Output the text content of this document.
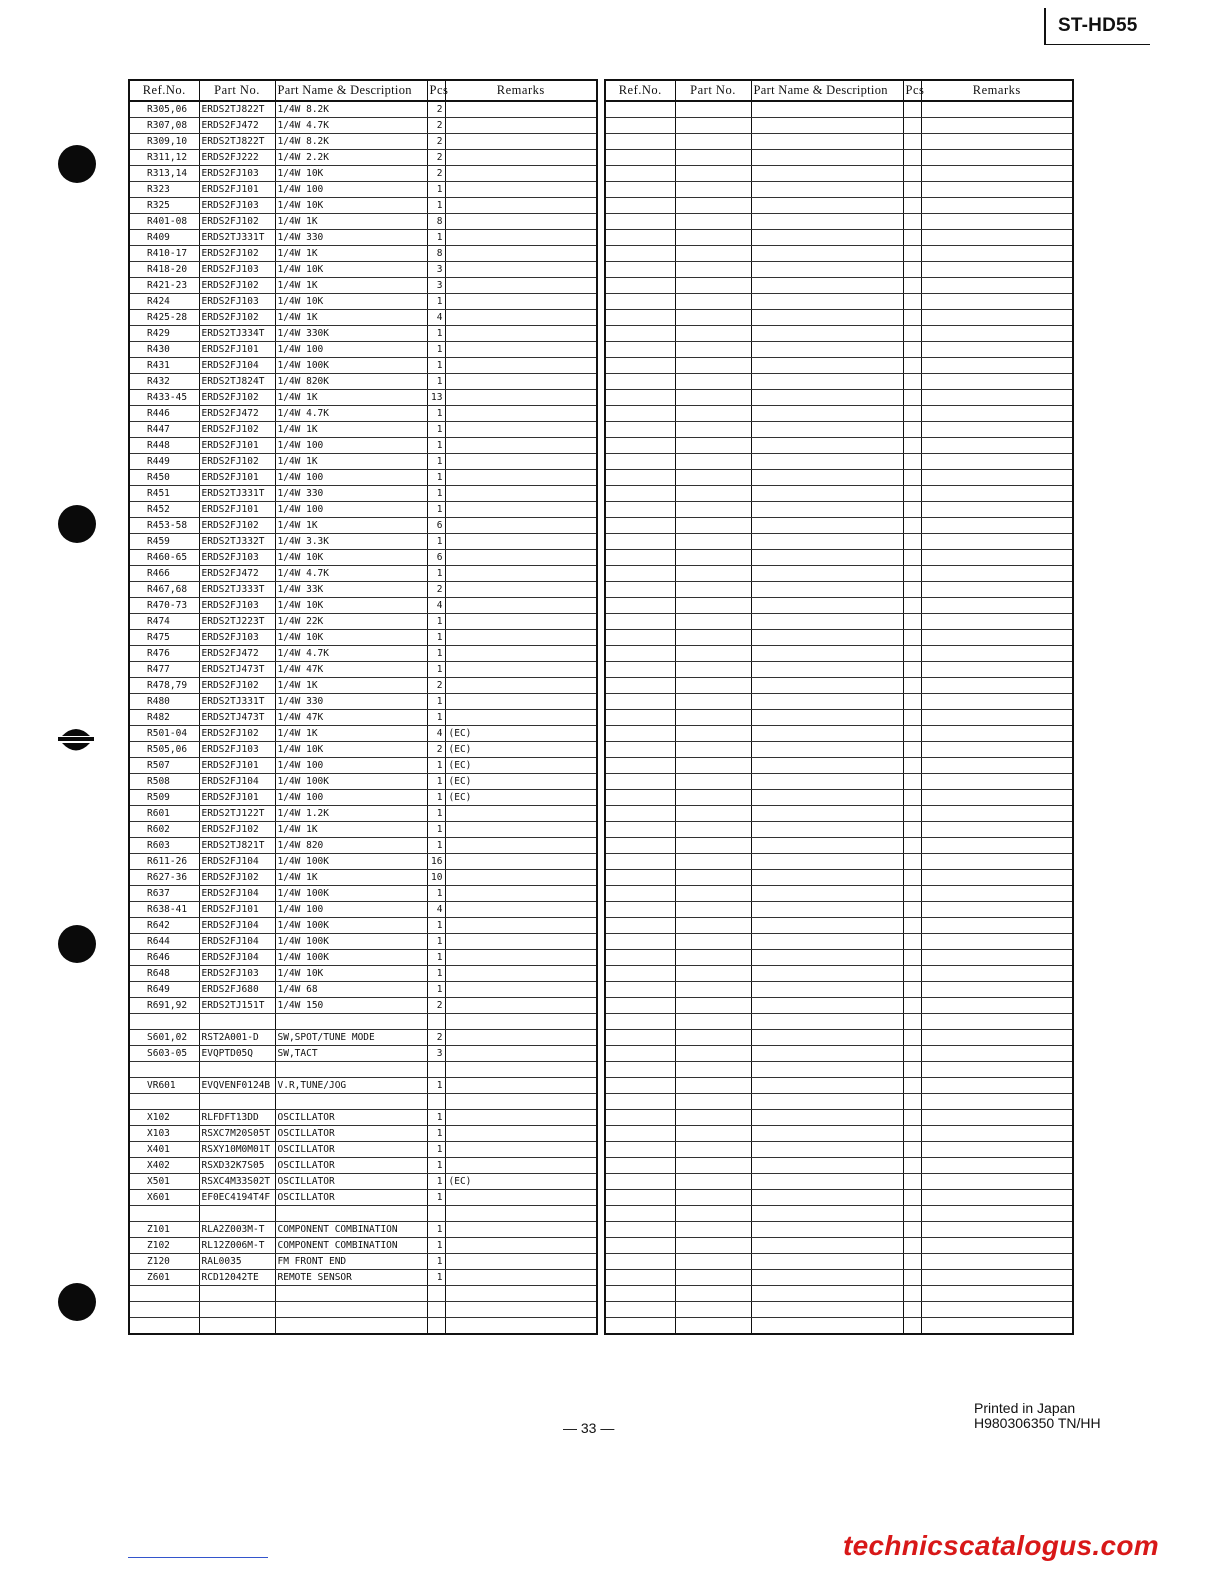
ST-HD55
Ref.No.	Part No.	Part Name & Description	Pcs	Remarks
R305,06	ERDS2TJ822T	1/4W 8.2K	2	
R307,08	ERDS2FJ472	1/4W 4.7K	2	
R309,10	ERDS2TJ822T	1/4W 8.2K	2	
R311,12	ERDS2FJ222	1/4W 2.2K	2	
R313,14	ERDS2FJ103	1/4W 10K	2	
R323	ERDS2FJ101	1/4W 100	1	
R325	ERDS2FJ103	1/4W 10K	1	
R401-08	ERDS2FJ102	1/4W 1K	8	
R409	ERDS2TJ331T	1/4W 330	1	
R410-17	ERDS2FJ102	1/4W 1K	8	
R418-20	ERDS2FJ103	1/4W 10K	3	
R421-23	ERDS2FJ102	1/4W 1K	3	
R424	ERDS2FJ103	1/4W 10K	1	
R425-28	ERDS2FJ102	1/4W 1K	4	
R429	ERDS2TJ334T	1/4W 330K	1	
R430	ERDS2FJ101	1/4W 100	1	
R431	ERDS2FJ104	1/4W 100K	1	
R432	ERDS2TJ824T	1/4W 820K	1	
R433-45	ERDS2FJ102	1/4W 1K	13	
R446	ERDS2FJ472	1/4W 4.7K	1	
R447	ERDS2FJ102	1/4W 1K	1	
R448	ERDS2FJ101	1/4W 100	1	
R449	ERDS2FJ102	1/4W 1K	1	
R450	ERDS2FJ101	1/4W 100	1	
R451	ERDS2TJ331T	1/4W 330	1	
R452	ERDS2FJ101	1/4W 100	1	
R453-58	ERDS2FJ102	1/4W 1K	6	
R459	ERDS2TJ332T	1/4W 3.3K	1	
R460-65	ERDS2FJ103	1/4W 10K	6	
R466	ERDS2FJ472	1/4W 4.7K	1	
R467,68	ERDS2TJ333T	1/4W 33K	2	
R470-73	ERDS2FJ103	1/4W 10K	4	
R474	ERDS2TJ223T	1/4W 22K	1	
R475	ERDS2FJ103	1/4W 10K	1	
R476	ERDS2FJ472	1/4W 4.7K	1	
R477	ERDS2TJ473T	1/4W 47K	1	
R478,79	ERDS2FJ102	1/4W 1K	2	
R480	ERDS2TJ331T	1/4W 330	1	
R482	ERDS2TJ473T	1/4W 47K	1	
R501-04	ERDS2FJ102	1/4W 1K	4	(EC)
R505,06	ERDS2FJ103	1/4W 10K	2	(EC)
R507	ERDS2FJ101	1/4W 100	1	(EC)
R508	ERDS2FJ104	1/4W 100K	1	(EC)
R509	ERDS2FJ101	1/4W 100	1	(EC)
R601	ERDS2TJ122T	1/4W 1.2K	1	
R602	ERDS2FJ102	1/4W 1K	1	
R603	ERDS2TJ821T	1/4W 820	1	
R611-26	ERDS2FJ104	1/4W 100K	16	
R627-36	ERDS2FJ102	1/4W 1K	10	
R637	ERDS2FJ104	1/4W 100K	1	
R638-41	ERDS2FJ101	1/4W 100	4	
R642	ERDS2FJ104	1/4W 100K	1	
R644	ERDS2FJ104	1/4W 100K	1	
R646	ERDS2FJ104	1/4W 100K	1	
R648	ERDS2FJ103	1/4W 10K	1	
R649	ERDS2FJ680	1/4W 68	1	
R691,92	ERDS2TJ151T	1/4W 150	2	

S601,02	RST2A001-D	SW,SPOT/TUNE MODE	2	
S603-05	EVQPTD05Q	SW,TACT	3	

VR601	EVQVENF0124B	V.R,TUNE/JOG	1	

X102	RLFDFT13DD	OSCILLATOR	1	
X103	RSXC7M20S05T	OSCILLATOR	1	
X401	RSXY10M0M01T	OSCILLATOR	1	
X402	RSXD32K7S05	OSCILLATOR	1	
X501	RSXC4M33S02T	OSCILLATOR	1	(EC)
X601	EF0EC4194T4F	OSCILLATOR	1	

Z101	RLA2Z003M-T	COMPONENT COMBINATION	1	
Z102	RL12Z006M-T	COMPONENT COMBINATION	1	
Z120	RAL0035	FM FRONT END	1	
Z601	RCD12042TE	REMOTE SENSOR	1	

Ref.No.	Part No.	Part Name & Description	Pcs	Remarks

— 33 —
Printed in Japan
H980306350 TN/HH
technicscatalogus.com
